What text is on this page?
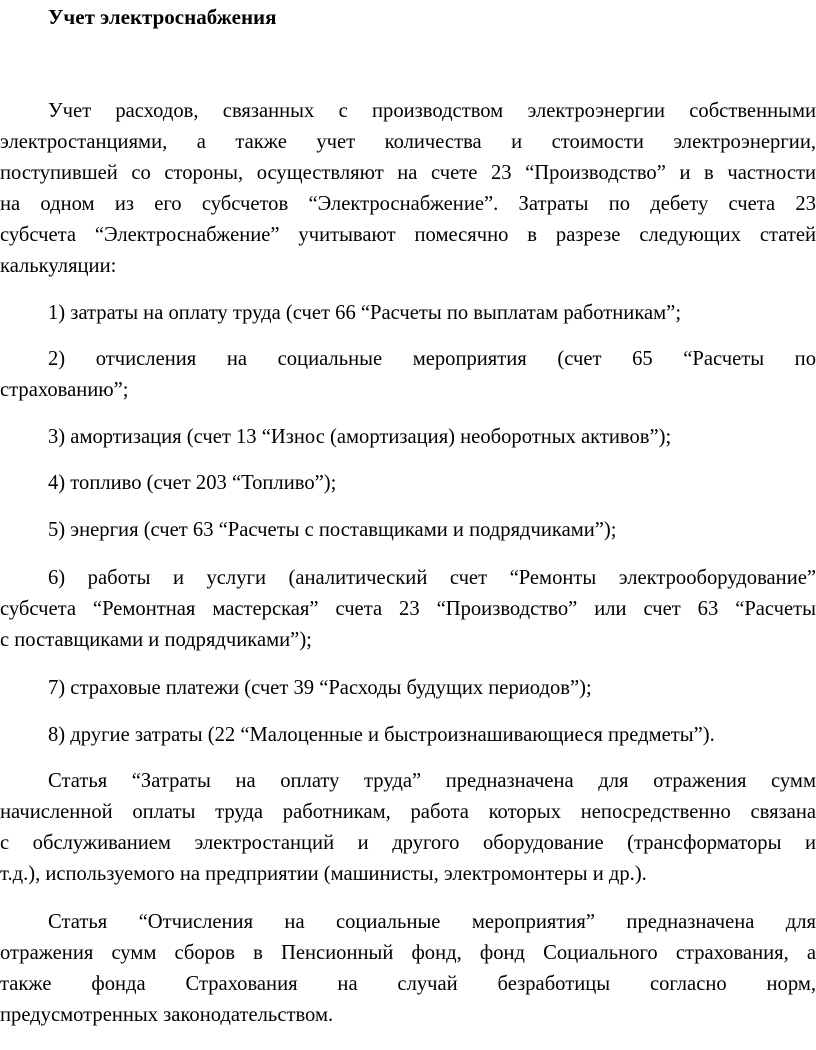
Учет электроснабжения
Учет расходов, связанных с производством электроэнергии собственными
электростанциями, а также учет количества и стоимости электроэнергии,
поступившей со стороны, осуществляют на счете 23 “Производство” и в частности
на одном из его субсчетов “Электроснабжение”. Затраты по дебету счета 23
субсчета “Электроснабжение” учитывают помесячно в разрезе следующих статей
калькуляции:
1) затраты на оплату труда (счет 66 “Расчеты по выплатам работникам”;
2) отчисления на социальные мероприятия (счет 65 “Расчеты по
страхованию”;
3) амортизация (счет 13 “Износ (амортизация) необоротных активов”);
4) топливо (счет 203 “Топливо”);
5) энергия (счет 63 “Расчеты с поставщиками и подрядчиками”);
6) работы и услуги (аналитический счет “Ремонты электрооборудование”
субсчета “Ремонтная мастерская” счета 23 “Производство” или счет 63 “Расчеты
с поставщиками и подрядчиками”);
7) страховые платежи (счет 39 “Расходы будущих периодов”);
8) другие затраты (22 “Малоценные и быстроизнашивающиеся предметы”).
Статья “Затраты на оплату труда” предназначена для отражения сумм
начисленной оплаты труда работникам, работа которых непосредственно связана
с обслуживанием электростанций и другого оборудование (трансформаторы и
т.д.), используемого на предприятии (машинисты, электромонтеры и др.).
Статья “Отчисления на социальные мероприятия” предназначена для
отражения сумм сборов в Пенсионный фонд, фонд Социального страхования, а
также фонда Страхования на случай безработицы согласно норм,
предусмотренных законодательством.
